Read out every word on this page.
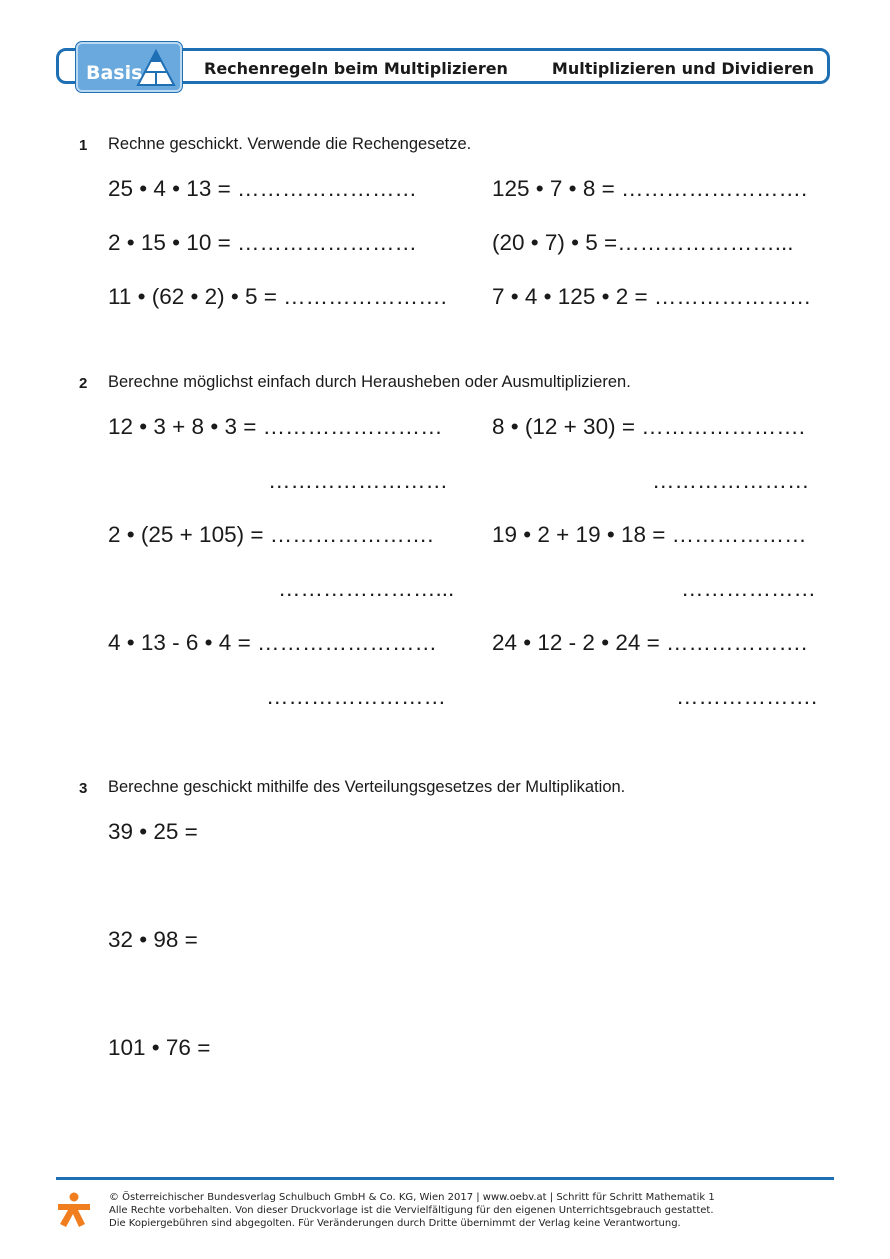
Basis	Rechenregeln beim Multiplizieren	Multiplizieren und Dividieren
1 Rechne geschickt. Verwende die Rechengesetze.
25 • 4 • 13 = ……………………	125 • 7 • 8 = …………………….
2 • 15 • 10 = ……………………	(20 • 7) • 5 =…………………...
11 • (62 • 2) • 5 = …………………. 7 • 4 • 125 • 2 = …………………
2 Berechne möglichst einfach durch Herausheben oder Ausmultiplizieren.
12 • 3 + 8 • 3 = …………………… 8 • (12 + 30) = ………………….
……………………	…………………
2 • (25 + 105) = ………………….	19 • 2 + 19 • 18 = ………………
…………………...	………………
4 • 13 - 6 • 4 = …………………… 24 • 12 - 2 • 24 = ……………….
……………………	……………….
3 Berechne geschickt mithilfe des Verteilungsgesetzes der Multiplikation.
39 • 25 =
32 • 98 =
101 • 76 =
© Österreichischer Bundesverlag Schulbuch GmbH & Co. KG, Wien 2017 | www.oebv.at | Schritt für Schritt Mathematik 1
Alle Rechte vorbehalten. Von dieser Druckvorlage ist die Vervielfältigung für den eigenen Unterrichtsgebrauch gestattet.
Die Kopiergebühren sind abgegolten. Für Veränderungen durch Dritte übernimmt der Verlag keine Verantwortung.
